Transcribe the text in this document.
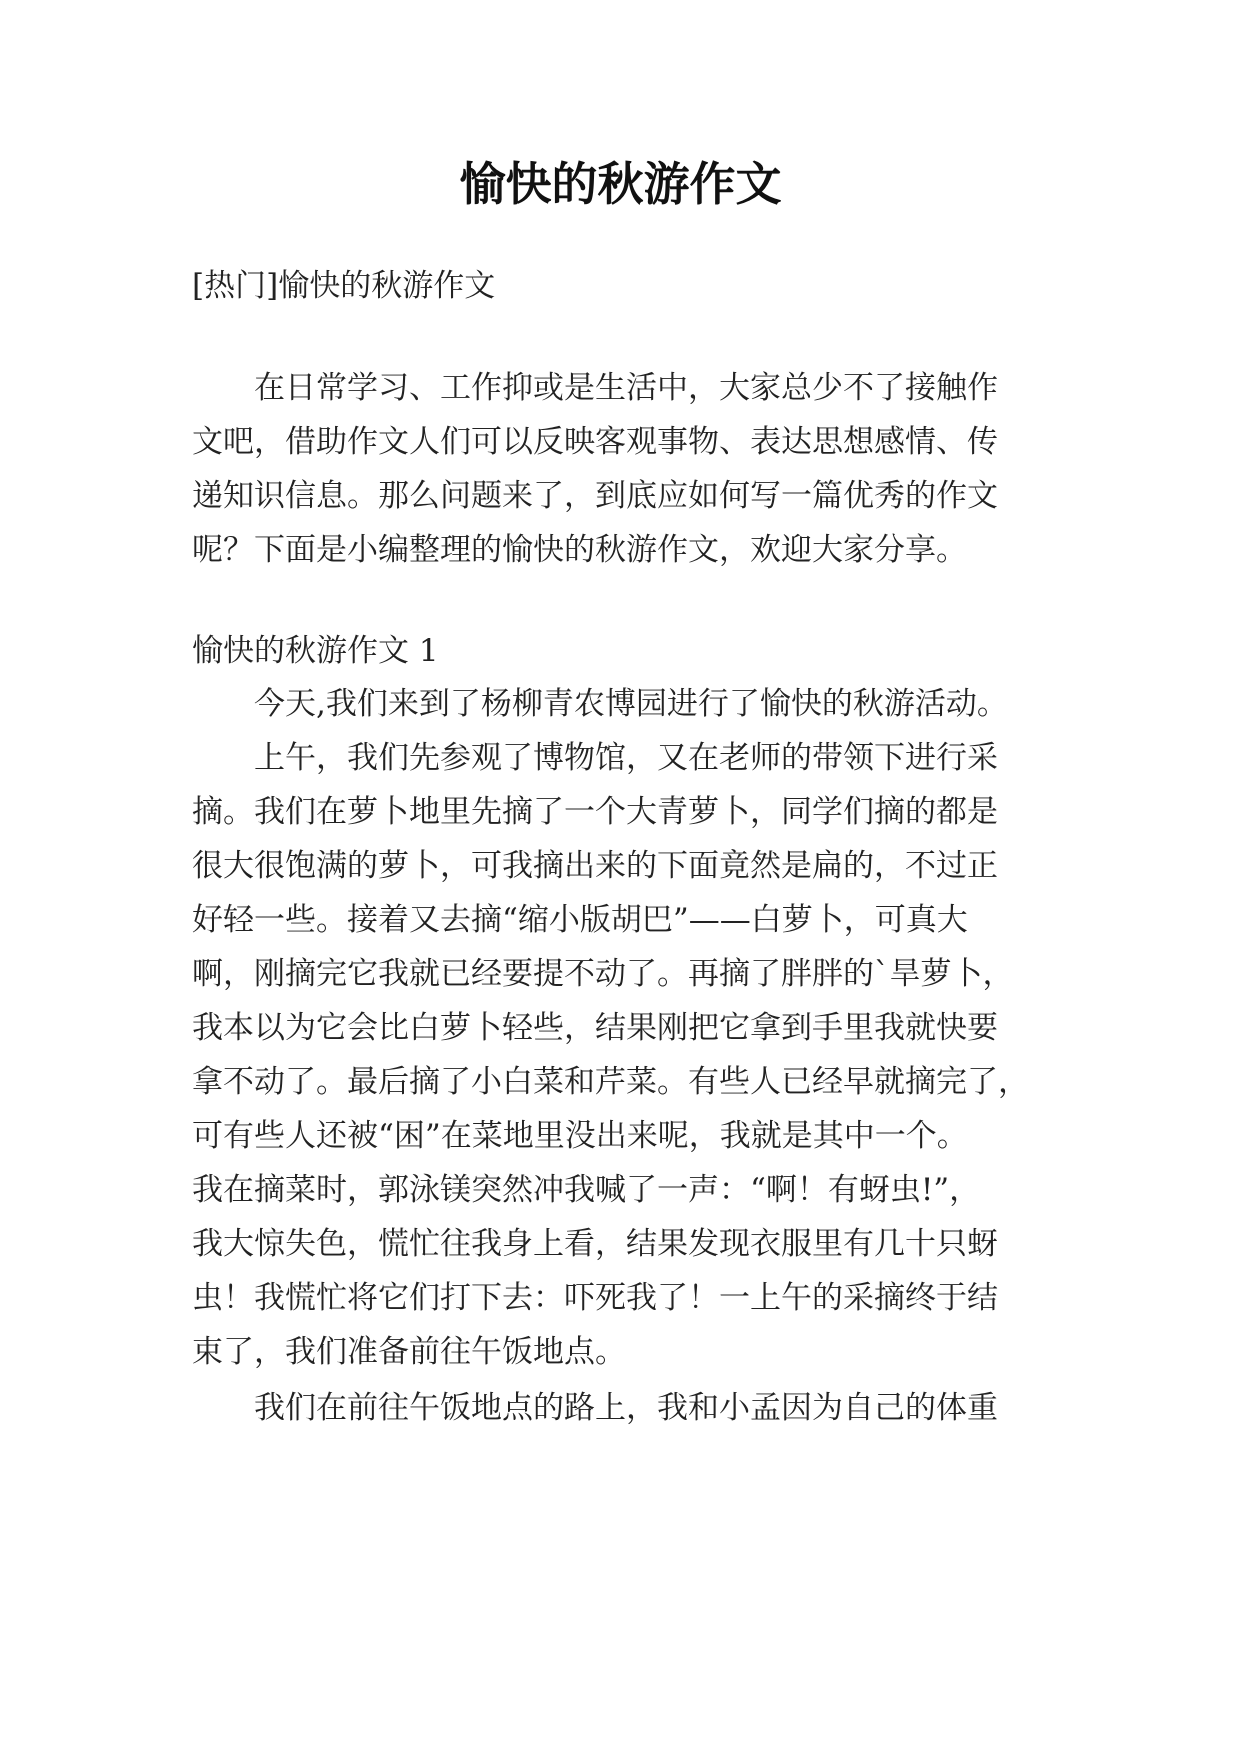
愉快的秋游作文
[热门]愉快的秋游作文
在日常学习、工作抑或是生活中，大家总少不了接触作
文吧，借助作文人们可以反映客观事物、表达思想感情、传
递知识信息。那么问题来了，到底应如何写一篇优秀的作文
呢？下面是小编整理的愉快的秋游作文，欢迎大家分享。
愉快的秋游作文 1
今天,我们来到了杨柳青农博园进行了愉快的秋游活动。
上午，我们先参观了博物馆，又在老师的带领下进行采
摘。我们在萝卜地里先摘了一个大青萝卜，同学们摘的都是
很大很饱满的萝卜，可我摘出来的下面竟然是扁的，不过正
好轻一些。接着又去摘“缩小版胡巴”——白萝卜，可真大
啊，刚摘完它我就已经要提不动了。再摘了胖胖的`旱萝卜，
我本以为它会比白萝卜轻些，结果刚把它拿到手里我就快要
拿不动了。最后摘了小白菜和芹菜。有些人已经早就摘完了，
可有些人还被“困”在菜地里没出来呢，我就是其中一个。
我在摘菜时，郭泳镁突然冲我喊了一声：“啊！有蚜虫!”，
我大惊失色，慌忙往我身上看，结果发现衣服里有几十只蚜
虫！我慌忙将它们打下去：吓死我了！一上午的采摘终于结
束了，我们准备前往午饭地点。
我们在前往午饭地点的路上，我和小孟因为自己的体重
